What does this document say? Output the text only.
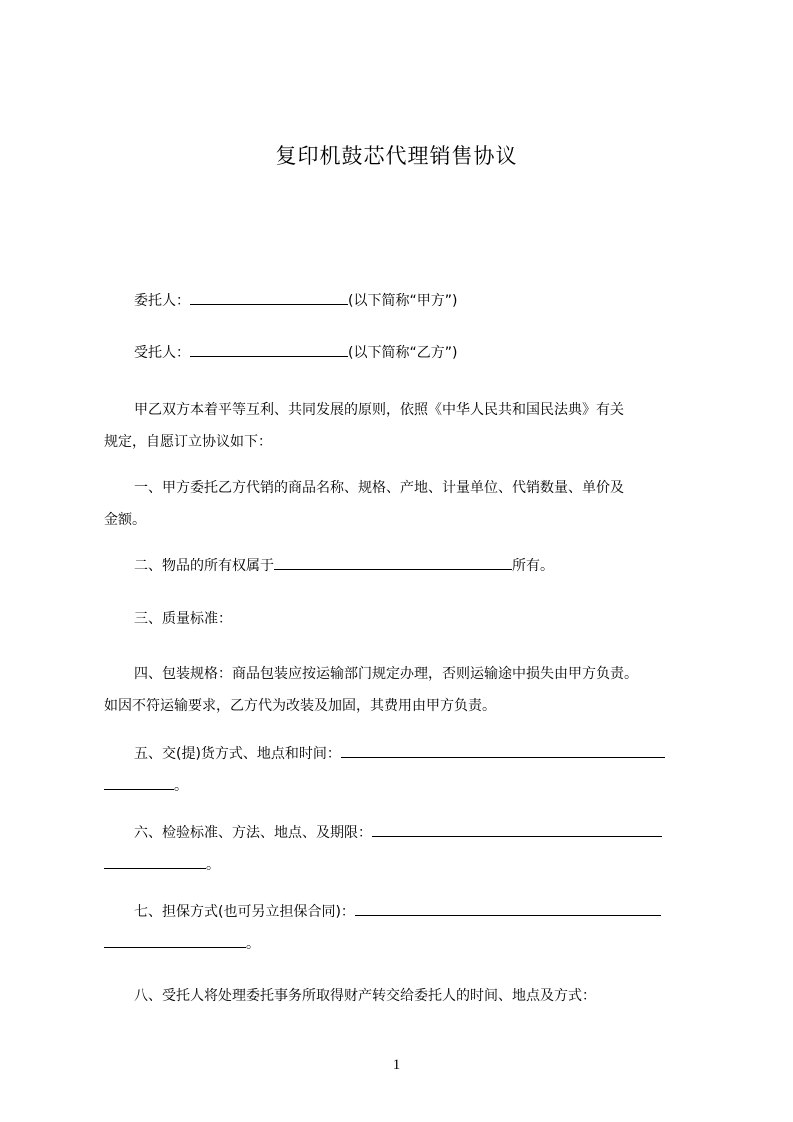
复印机鼓芯代理销售协议
委托人：	(以下简称“甲方”)
受托人：	(以下简称“乙方”)
甲乙双方本着平等互利、共同发展的原则，依照《中华人民共和国民法典》有关
规定，自愿订立协议如下：
一、甲方委托乙方代销的商品名称、规格、产地、计量单位、代销数量、单价及
金额。
二、物品的所有权属于	所有。
三、质量标准：
四、包装规格：商品包装应按运输部门规定办理，否则运输途中损失由甲方负责。
如因不符运输要求，乙方代为改装及加固，其费用由甲方负责。
五、交(提)货方式、地点和时间：
。
六、检验标准、方法、地点、及期限：
。
七、担保方式(也可另立担保合同)：
。
八、受托人将处理委托事务所取得财产转交给委托人的时间、地点及方式：
1
